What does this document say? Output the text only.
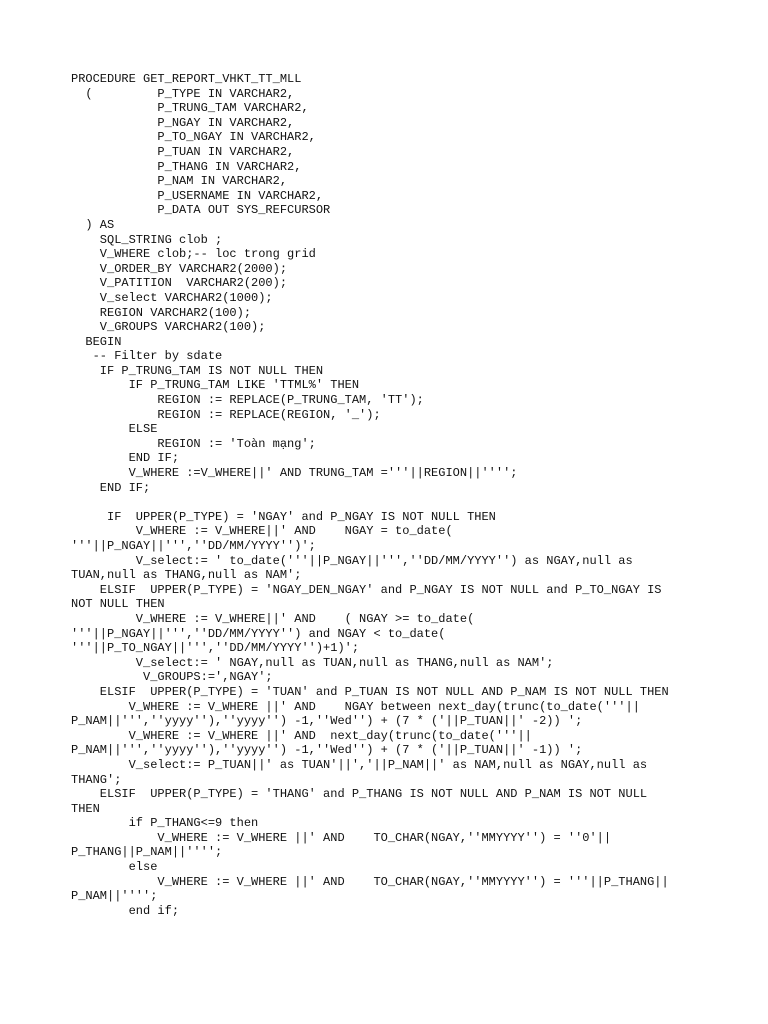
PROCEDURE GET_REPORT_VHKT_TT_MLL
(         P_TYPE IN VARCHAR2,
P_TRUNG_TAM VARCHAR2,
P_NGAY IN VARCHAR2,
P_TO_NGAY IN VARCHAR2,
P_TUAN IN VARCHAR2,
P_THANG IN VARCHAR2,
P_NAM IN VARCHAR2,
P_USERNAME IN VARCHAR2,
P_DATA OUT SYS_REFCURSOR
) AS
SQL_STRING clob ;
V_WHERE clob;-- loc trong grid
V_ORDER_BY VARCHAR2(2000);
V_PATITION  VARCHAR2(200);
V_select VARCHAR2(1000);
REGION VARCHAR2(100);
V_GROUPS VARCHAR2(100);
BEGIN
-- Filter by sdate
IF P_TRUNG_TAM IS NOT NULL THEN
IF P_TRUNG_TAM LIKE 'TTML%' THEN
REGION := REPLACE(P_TRUNG_TAM, 'TT');
REGION := REPLACE(REGION, '_');
ELSE
REGION := 'Toàn mạng';
END IF;
V_WHERE :=V_WHERE||' AND TRUNG_TAM ='''||REGION||'''';
END IF;
IF  UPPER(P_TYPE) = 'NGAY' and P_NGAY IS NOT NULL THEN
V_WHERE := V_WHERE||' AND    NGAY = to_date(
'''||P_NGAY||''',''DD/MM/YYYY'')';
V_select:= ' to_date('''||P_NGAY||''',''DD/MM/YYYY'') as NGAY,null as
TUAN,null as THANG,null as NAM';
ELSIF  UPPER(P_TYPE) = 'NGAY_DEN_NGAY' and P_NGAY IS NOT NULL and P_TO_NGAY IS
NOT NULL THEN
V_WHERE := V_WHERE||' AND    ( NGAY >= to_date(
'''||P_NGAY||''',''DD/MM/YYYY'') and NGAY < to_date(
'''||P_TO_NGAY||''',''DD/MM/YYYY'')+1)';
V_select:= ' NGAY,null as TUAN,null as THANG,null as NAM';
V_GROUPS:=',NGAY';
ELSIF  UPPER(P_TYPE) = 'TUAN' and P_TUAN IS NOT NULL AND P_NAM IS NOT NULL THEN
V_WHERE := V_WHERE ||' AND    NGAY between next_day(trunc(to_date('''||
P_NAM||''',''yyyy''),''yyyy'') -1,''Wed'') + (7 * ('||P_TUAN||' -2)) ';
V_WHERE := V_WHERE ||' AND  next_day(trunc(to_date('''||
P_NAM||''',''yyyy''),''yyyy'') -1,''Wed'') + (7 * ('||P_TUAN||' -1)) ';
V_select:= P_TUAN||' as TUAN'||','||P_NAM||' as NAM,null as NGAY,null as
THANG';
ELSIF  UPPER(P_TYPE) = 'THANG' and P_THANG IS NOT NULL AND P_NAM IS NOT NULL
THEN
if P_THANG<=9 then
V_WHERE := V_WHERE ||' AND    TO_CHAR(NGAY,''MMYYYY'') = ''0'||
P_THANG||P_NAM||'''';
else
V_WHERE := V_WHERE ||' AND    TO_CHAR(NGAY,''MMYYYY'') = '''||P_THANG||
P_NAM||'''';
end if;
